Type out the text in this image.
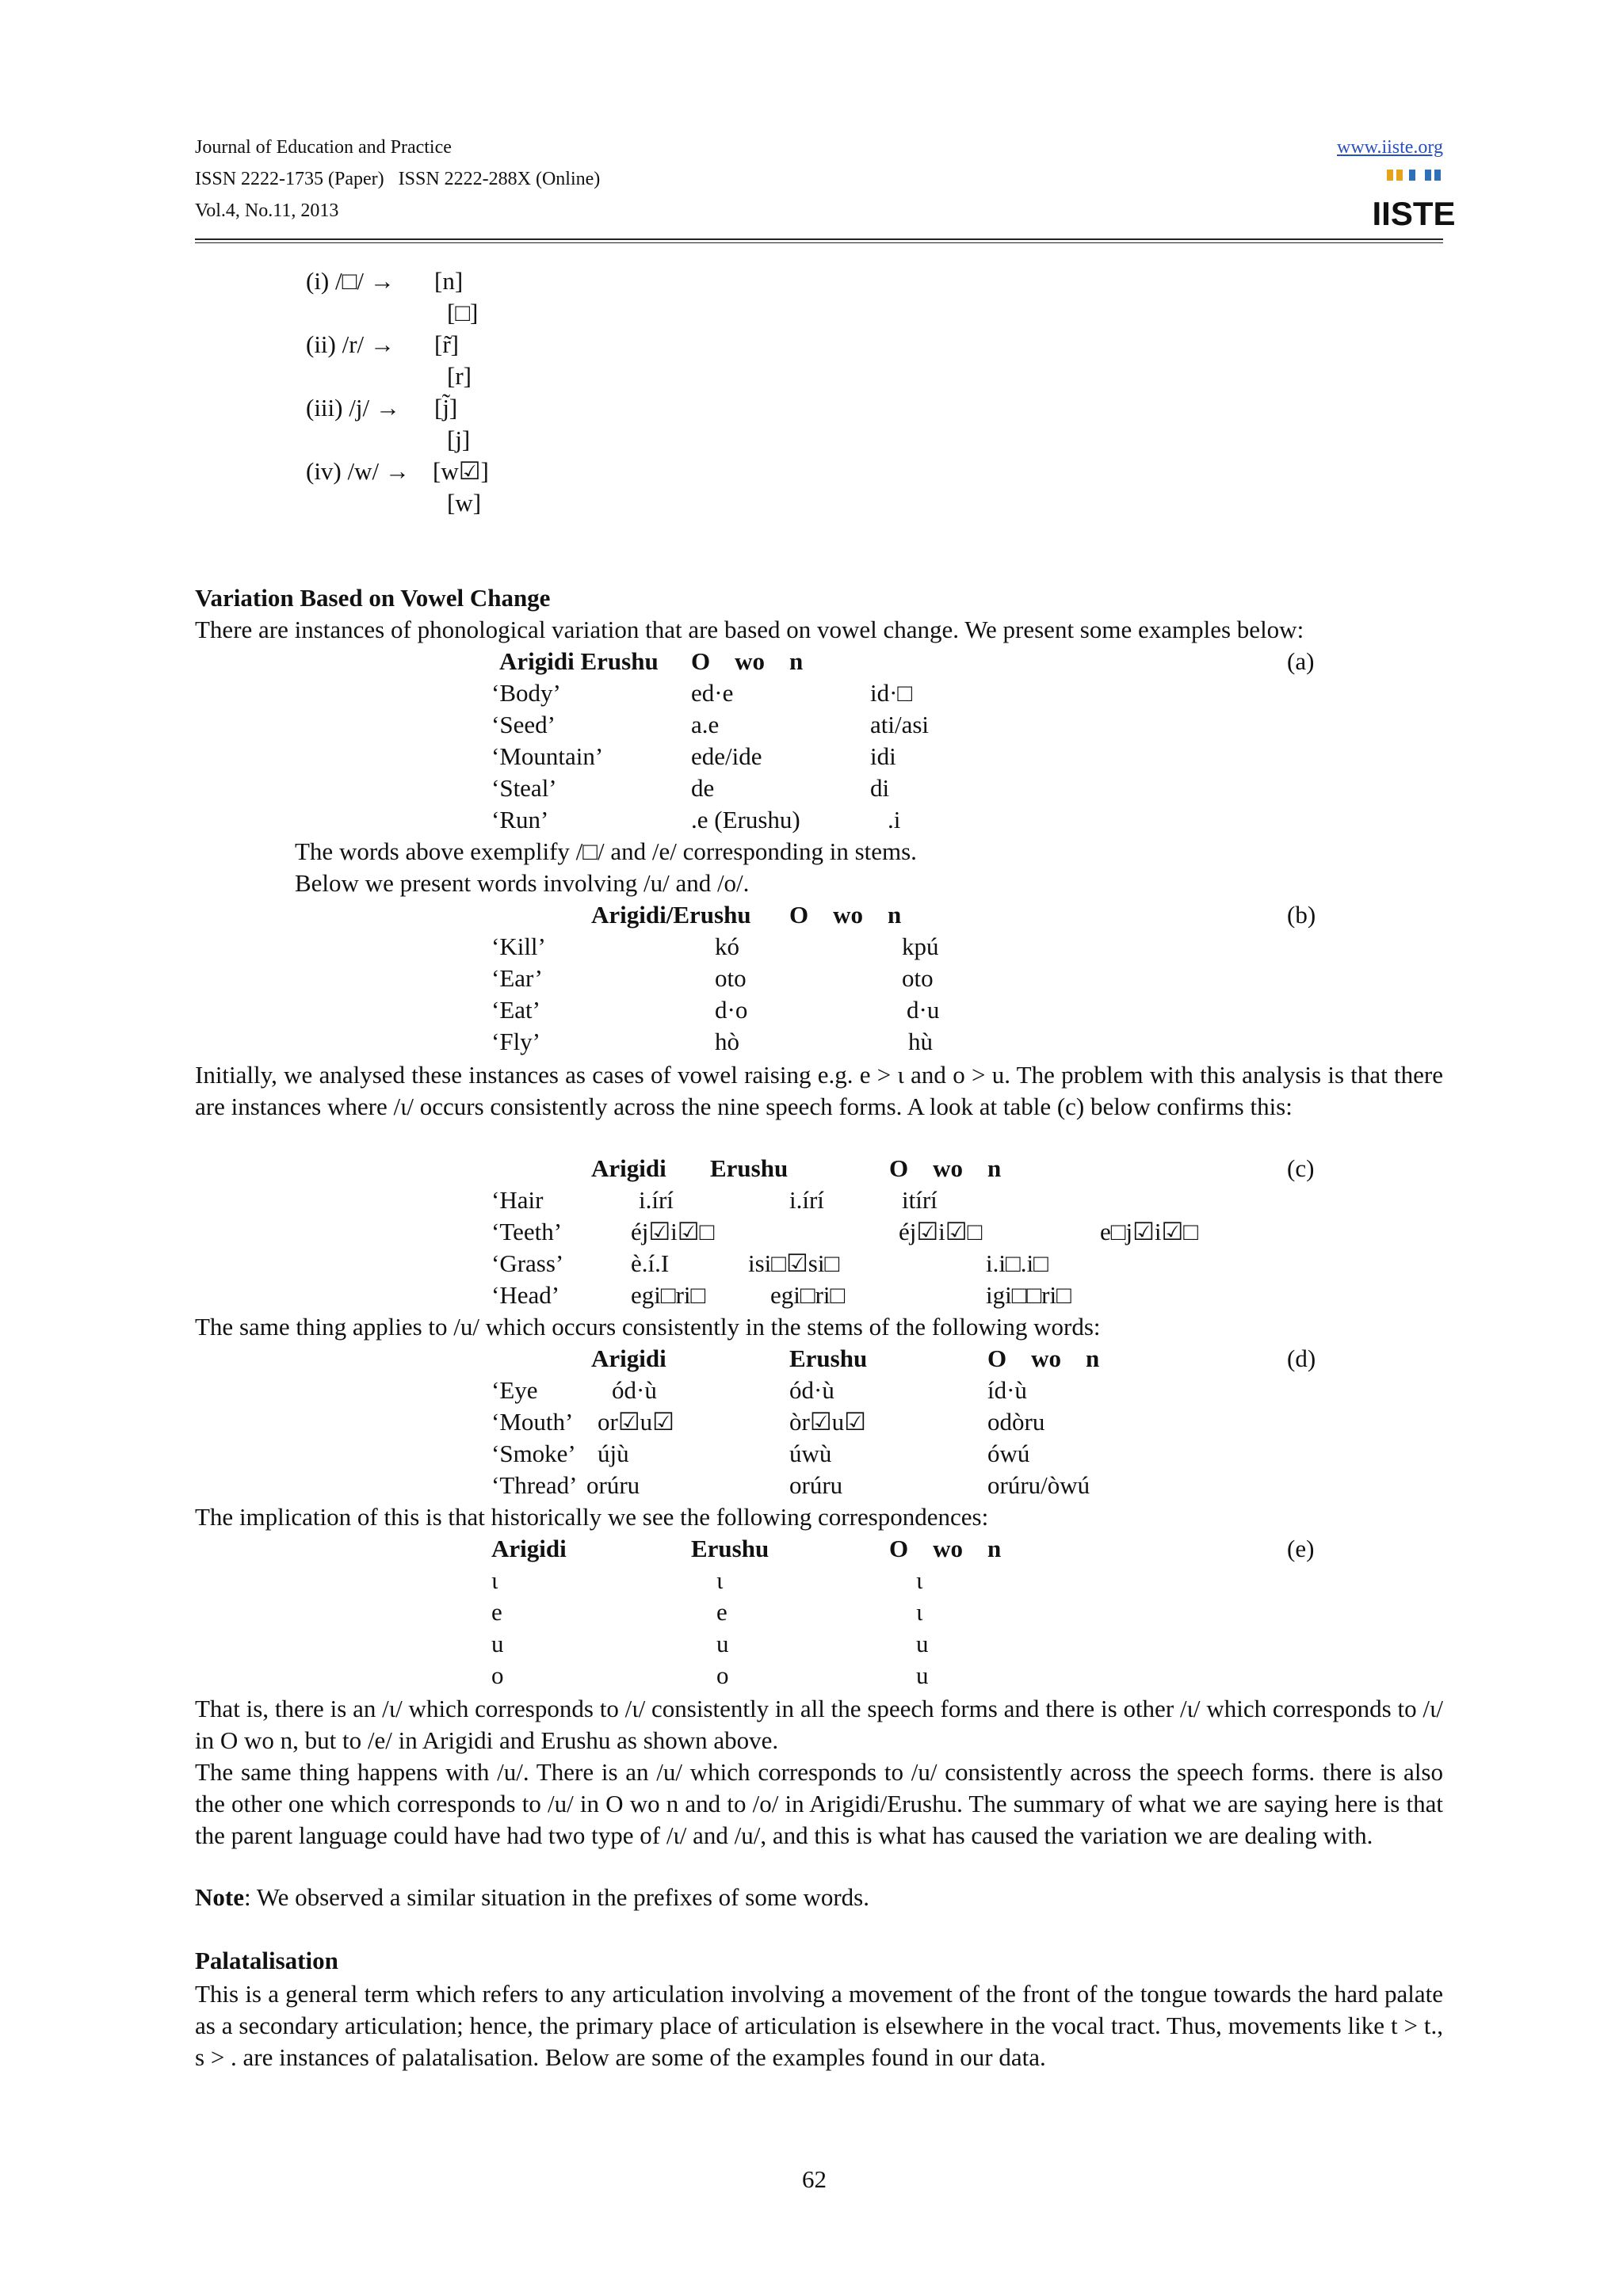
Journal of Education and Practice
ISSN 2222-1735 (Paper)   ISSN 2222-288X (Online)
Vol.4, No.11, 2013
www.iiste.org
IISTE
(i) /□/ → [n]
[□]
(ii) /r/ → [r̃]
[r]
(iii) /j/ → [j̃]
[j]
(iv) /w/ → [w☑]
[w]
Variation Based on Vowel Change
There are instances of phonological variation that are based on vowel change. We present some examples below:
Arigidi Erushu O    wo    n	(a)
‘Body’	ed·e	id·□
‘Seed’	a.e	ati/asi
‘Mountain’	ede/ide	idi
‘Steal’	de	di
‘Run’	.e (Erushu)	.i
The words above exemplify /□/ and /e/ corresponding in stems.
Below we present words involving /u/ and /o/.
Arigidi/Erushu O    wo    n	(b)
‘Kill’	kó	kpú
‘Ear’	oto	oto
‘Eat’	d·o	d·u
‘Fly’	hò	hù
Initially, we analysed these instances as cases of vowel raising e.g. e > ɩ and o > u. The problem with this analysis is that there are instances where /ɩ/ occurs consistently across the nine speech forms. A look at table (c) below confirms this:
Arigidi Erushu	O    wo    n	(c)
‘Hair	i.írí	i.írí	itírí
‘Teeth’	éj☑i☑□	éj☑i☑□	e□j☑i☑□
‘Grass’	è.í.I	isi□☑si□	i.i□.i□
‘Head’	egi□ri□	egi□ri□	igi□□ri□
The same thing applies to /u/ which occurs consistently in the stems of the following words:
Arigidi	Erushu	O    wo    n	(d)
‘Eye	ód·ù	ód·ù	íd·ù
‘Mouth’ or☑u☑	òr☑u☑	odòru
‘Smoke’ újù	úwù	ówú
‘Thread’ orúru	orúru	orúru/òwú
The implication of this is that historically we see the following correspondences:
Arigidi	Erushu	O    wo    n	(e)
ɩ	ɩ	ɩ
e	e	ɩ
u	u	u
o	o	u
That is, there is an /ɩ/ which corresponds to /ɩ/ consistently in all the speech forms and there is other /ɩ/ which corresponds to /ɩ/ in O wo n, but to /e/ in Arigidi and Erushu as shown above.
The same thing happens with /u/. There is an /u/ which corresponds to /u/ consistently across the speech forms. there is also the other one which corresponds to /u/ in O wo n and to /o/ in Arigidi/Erushu. The summary of what we are saying here is that the parent language could have had two type of /ɩ/ and /u/, and this is what has caused the variation we are dealing with.
Note: We observed a similar situation in the prefixes of some words.
Palatalisation
This is a general term which refers to any articulation involving a movement of the front of the tongue towards the hard palate as a secondary articulation; hence, the primary place of articulation is elsewhere in the vocal tract. Thus, movements like t > t., s > . are instances of palatalisation. Below are some of the examples found in our data.
62
